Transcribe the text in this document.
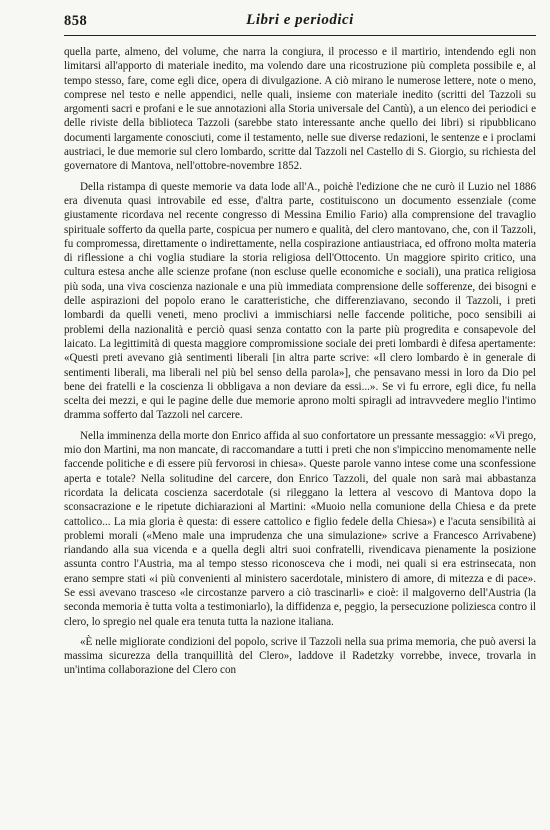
858	Libri e periodici

quella parte, almeno, del volume, che narra la congiura, il processo e il martirio, intendendo egli non limitarsi all'apporto di materiale inedito, ma volendo dare una ricostruzione più completa possibile e, al tempo stesso, fare, come egli dice, opera di divulgazione. A ciò mirano le numerose lettere, note o meno, comprese nel testo e nelle appendici, nelle quali, insieme con materiale inedito (scritti del Tazzoli su argomenti sacri e profani e le sue annotazioni alla Storia universale del Cantù), a un elenco dei periodici e delle riviste della biblioteca Tazzoli (sarebbe stato interessante anche quello dei libri) si ripubblicano documenti largamente conosciuti, come il testamento, nelle sue diverse redazioni, le sentenze e i proclami austriaci, le due memorie sul clero lombardo, scritte dal Tazzoli nel Castello di S. Giorgio, su richiesta del governatore di Mantova, nell'ottobre-novembre 1852.

Della ristampa di queste memorie va data lode all'A., poichè l'edizione che ne curò il Luzio nel 1886 era divenuta quasi introvabile ed esse, d'altra parte, costituiscono un documento essenziale (come giustamente ricordava nel recente congresso di Messina Emilio Fario) alla comprensione del travaglio spirituale sofferto da quella parte, cospicua per numero e qualità, del clero mantovano, che, con il Tazzoli, fu compromessa, direttamente o indirettamente, nella cospirazione antiaustriaca, ed offrono molta materia di riflessione a chi voglia studiare la storia religiosa dell'Ottocento. Un maggiore spirito critico, una cultura estesa anche alle scienze profane (non escluse quelle economiche e sociali), una pratica religiosa più soda, una viva coscienza nazionale e una più immediata comprensione delle sofferenze, dei bisogni e delle aspirazioni del popolo erano le caratteristiche, che differenziavano, secondo il Tazzoli, i preti lombardi da quelli veneti, meno proclivi a immischiarsi nelle faccende politiche, poco sensibili ai problemi della nazionalità e perciò quasi senza contatto con la parte più progredita e consapevole del laicato. La legittimità di questa maggiore compromissione sociale dei preti lombardi è difesa apertamente: «Questi preti avevano già sentimenti liberali [in altra parte scrive: «Il clero lombardo è in generale di sentimenti liberali, ma liberali nel più bel senso della parola»], che pensavano messi in loro da Dio pel bene dei fratelli e la coscienza li obbligava a non deviare da essi...». Se vi fu errore, egli dice, fu nella scelta dei mezzi, e qui le pagine delle due memorie aprono molti spiragli ad intravvedere meglio l'intimo dramma sofferto dal Tazzoli nel carcere.

Nella imminenza della morte don Enrico affida al suo confortatore un pressante messaggio: «Vi prego, mio don Martini, ma non mancate, di raccomandare a tutti i preti che non s'impiccino menomamente nelle faccende politiche e di essere più fervorosi in chiesa». Queste parole vanno intese come una sconfessione aperta e totale? Nella solitudine del carcere, don Enrico Tazzoli, del quale non sarà mai abbastanza ricordata la delicata coscienza sacerdotale (si rileggano la lettera al vescovo di Mantova dopo la sconsacrazione e le ripetute dichiarazioni al Martini: «Muoio nella comunione della Chiesa e da prete cattolico... La mia gloria è questa: di essere cattolico e figlio fedele della Chiesa») e l'acuta sensibilità ai problemi morali («Meno male una imprudenza che una simulazione» scrive a Francesco Arrivabene) riandando alla sua vicenda e a quella degli altri suoi confratelli, rivendicava pienamente la posizione assunta contro l'Austria, ma al tempo stesso riconosceva che i modi, nei quali si era estrinsecata, non erano sempre stati «i più convenienti al ministero sacerdotale, ministero di amore, di mitezza e di pace». Se essi avevano trasceso «le circostanze parvero a ciò trascinarli» e cioè: il malgoverno dell'Austria (la seconda memoria è tutta volta a testimoniarlo), la diffidenza e, peggio, la persecuzione poliziesca contro il clero, lo spregio nel quale era tenuta tutta la nazione italiana.

«È nelle migliorate condizioni del popolo, scrive il Tazzoli nella sua prima memoria, che può aversi la massima sicurezza della tranquillità del Clero», laddove il Radetzky vorrebbe, invece, trovarla in un'intima collaborazione del Clero con
